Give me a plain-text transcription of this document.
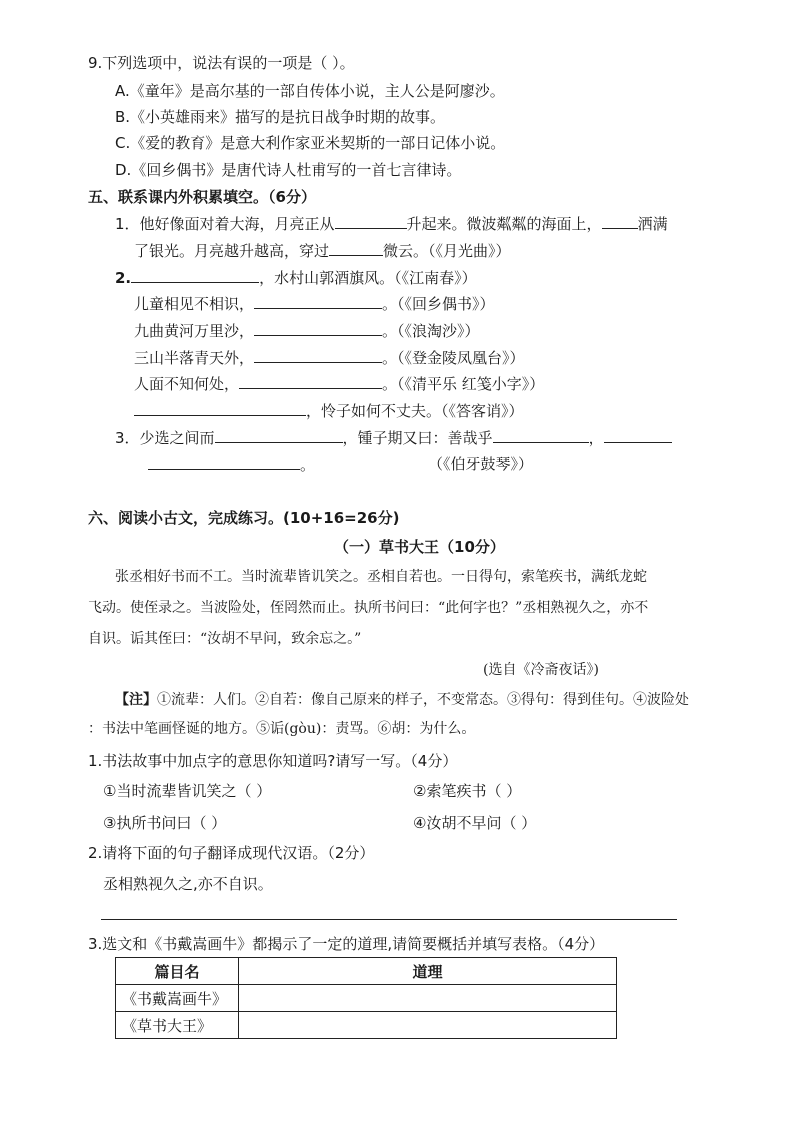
9.下列选项中，说法有误的一项是（ ）。
A.《童年》是高尔基的一部自传体小说，主人公是阿廖沙。
B.《小英雄雨来》描写的是抗日战争时期的故事。
C.《爱的教育》是意大利作家亚米契斯的一部日记体小说。
D.《回乡偶书》是唐代诗人杜甫写的一首七言律诗。
五、联系课内外积累填空。（6分）
1．他好像面对着大海，月亮正从	升起来。微波粼粼的海面上， 洒满
了银光。月亮越升越高，穿过	微云。（《月光曲》）
2.	，水村山郭酒旗风。（《江南春》）
儿童相见不相识，	。（《回乡偶书》）
九曲黄河万里沙，	。（《浪淘沙》）
三山半落青天外，	。（《登金陵凤凰台》）
人面不知何处，	。（《清平乐 红笺小字》）
，怜子如何不丈夫。（《答客诮》）
3．少选之间而	，锺子期又曰：善哉乎	，
。	（《伯牙鼓琴》）
六、阅读小古文，完成练习。(10+16=26分)
（一）草书大王（10分）
张丞相好书而不工。当时流辈皆讥笑之。丞相自若也。一日得句，索笔疾书，满纸龙蛇
飞动。使侄录之。当波险处，侄罔然而止。执所书问曰：“此何字也？”丞相熟视久之，亦不
自识。诟其侄曰：“汝胡不早问，致余忘之。”
(选自《冷斋夜话》)
【注】①流辈：人们。②自若：像自己原来的样子，不变常态。③得句：得到佳句。④波险处
：书法中笔画怪诞的地方。⑤诟(gòu)：责骂。⑥胡：为什么。
1.书法故事中加点字的意思你知道吗?请写一写。（4分）
①当时流辈皆讥笑之（ ）	②索笔疾书（ ）
③执所书问曰（ ）	④汝胡不早问（ ）
2.请将下面的句子翻译成现代汉语。（2分）
丞相熟视久之,亦不自识。
3.选文和《书戴嵩画牛》都揭示了一定的道理,请简要概括并填写表格。（4分）
篇目名	道理
《书戴嵩画牛》	
《草书大王》	
